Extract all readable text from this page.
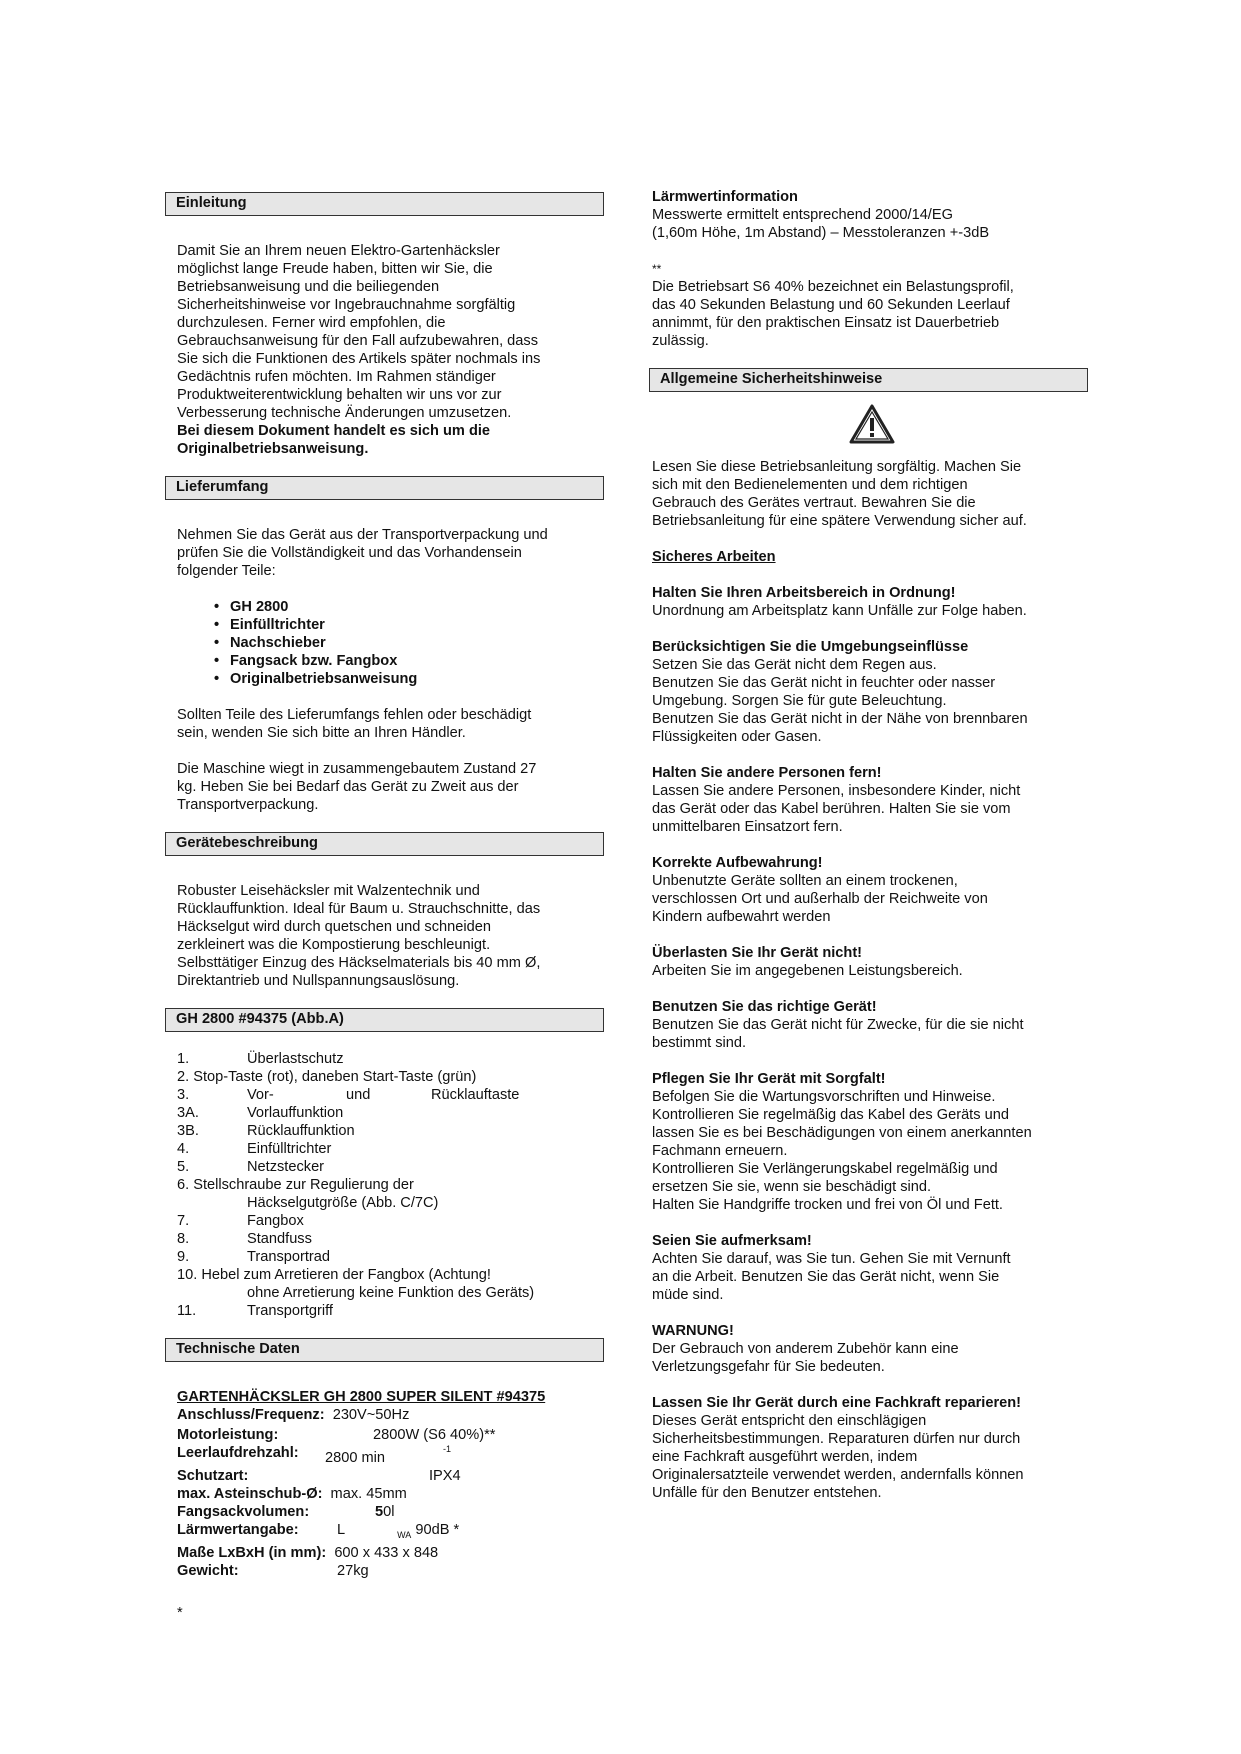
Einleitung
Damit Sie an Ihrem neuen Elektro-Gartenhäcksler
möglichst lange Freude haben, bitten wir Sie, die
Betriebsanweisung und die beiliegenden
Sicherheitshinweise vor Ingebrauchnahme sorgfältig
durchzulesen. Ferner wird empfohlen, die
Gebrauchsanweisung für den Fall aufzubewahren, dass
Sie sich die Funktionen des Artikels später nochmals ins
Gedächtnis rufen möchten. Im Rahmen ständiger
Produktweiterentwicklung behalten wir uns vor zur
Verbesserung technische Änderungen umzusetzen.
Bei diesem Dokument handelt es sich um die
Originalbetriebsanweisung.
Lieferumfang
Nehmen Sie das Gerät aus der Transportverpackung und
prüfen Sie die Vollständigkeit und das Vorhandensein
folgender Teile:
• GH 2800
• Einfülltrichter
• Nachschieber
• Fangsack bzw. Fangbox
• Originalbetriebsanweisung
Sollten Teile des Lieferumfangs fehlen oder beschädigt
sein, wenden Sie sich bitte an Ihren Händler.
Die Maschine wiegt in zusammengebautem Zustand 27
kg. Heben Sie bei Bedarf das Gerät zu Zweit aus der
Transportverpackung.
Gerätebeschreibung
Robuster Leisehäcksler mit Walzentechnik und
Rücklauffunktion. Ideal für Baum u. Strauchschnitte, das
Häckselgut wird durch quetschen und schneiden
zerkleinert was die Kompostierung beschleunigt.
Selbsttätiger Einzug des Häckselmaterials bis 40 mm Ø,
Direktantrieb und Nullspannungsauslösung.
GH 2800 #94375 (Abb.A)
1.	Überlastschutz
2. Stop-Taste (rot), daneben Start-Taste (grün)
3.	Vor-	und	Rücklauftaste
3A.	Vorlauffunktion
3B.	Rücklauffunktion
4.	Einfülltrichter
5.	Netzstecker
6. Stellschraube zur Regulierung der
Häckselgutgröße (Abb. C/7C)
7.	Fangbox
8.	Standfuss
9.	Transportrad
10. Hebel zum Arretieren der Fangbox (Achtung!
ohne Arretierung keine Funktion des Geräts)
11.	Transportgriff
Technische Daten
GARTENHÄCKSLER GH 2800 SUPER SILENT #94375
Anschluss/Frequenz: 230V~50Hz
Motorleistung:	2800W (S6 40%)**
Leerlaufdrehzahl:	2800 $\min^{-1}$
Schutzart:	IPX4
max. Asteinschub-Ø: max. 45mm
Fangsackvolumen:	50l
Lärmwertangabe:	L	$_{WA}$ 90dB *
Maße LxBxH (in mm): 600 x 433 x 848
Gewicht:	27kg
*
Lärmwertinformation
Messwerte ermittelt entsprechend 2000/14/EG
(1,60m Höhe, 1m Abstand) – Messtoleranzen +-3dB
**
Die Betriebsart S6 40% bezeichnet ein Belastungsprofil,
das 40 Sekunden Belastung und 60 Sekunden Leerlauf
annimmt, für den praktischen Einsatz ist Dauerbetrieb
zulässig.
Allgemeine Sicherheitshinweise
Lesen Sie diese Betriebsanleitung sorgfältig. Machen Sie
sich mit den Bedienelementen und dem richtigen
Gebrauch des Gerätes vertraut. Bewahren Sie die
Betriebsanleitung für eine spätere Verwendung sicher auf.
Sicheres Arbeiten
Halten Sie Ihren Arbeitsbereich in Ordnung!
Unordnung am Arbeitsplatz kann Unfälle zur Folge haben.
Berücksichtigen Sie die Umgebungseinflüsse
Setzen Sie das Gerät nicht dem Regen aus.
Benutzen Sie das Gerät nicht in feuchter oder nasser
Umgebung. Sorgen Sie für gute Beleuchtung.
Benutzen Sie das Gerät nicht in der Nähe von brennbaren
Flüssigkeiten oder Gasen.
Halten Sie andere Personen fern!
Lassen Sie andere Personen, insbesondere Kinder, nicht
das Gerät oder das Kabel berühren. Halten Sie sie vom
unmittelbaren Einsatzort fern.
Korrekte Aufbewahrung!
Unbenutzte Geräte sollten an einem trockenen,
verschlossen Ort und außerhalb der Reichweite von
Kindern aufbewahrt werden
Überlasten Sie Ihr Gerät nicht!
Arbeiten Sie im angegebenen Leistungsbereich.
Benutzen Sie das richtige Gerät!
Benutzen Sie das Gerät nicht für Zwecke, für die sie nicht
bestimmt sind.
Pflegen Sie Ihr Gerät mit Sorgfalt!
Befolgen Sie die Wartungsvorschriften und Hinweise.
Kontrollieren Sie regelmäßig das Kabel des Geräts und
lassen Sie es bei Beschädigungen von einem anerkannten
Fachmann erneuern.
Kontrollieren Sie Verlängerungskabel regelmäßig und
ersetzen Sie sie, wenn sie beschädigt sind.
Halten Sie Handgriffe trocken und frei von Öl und Fett.
Seien Sie aufmerksam!
Achten Sie darauf, was Sie tun. Gehen Sie mit Vernunft
an die Arbeit. Benutzen Sie das Gerät nicht, wenn Sie
müde sind.
WARNUNG!
Der Gebrauch von anderem Zubehör kann eine
Verletzungsgefahr für Sie bedeuten.
Lassen Sie Ihr Gerät durch eine Fachkraft reparieren!
Dieses Gerät entspricht den einschlägigen
Sicherheitsbestimmungen. Reparaturen dürfen nur durch
eine Fachkraft ausgeführt werden, indem
Originalersatzteile verwendet werden, andernfalls können
Unfälle für den Benutzer entstehen.
